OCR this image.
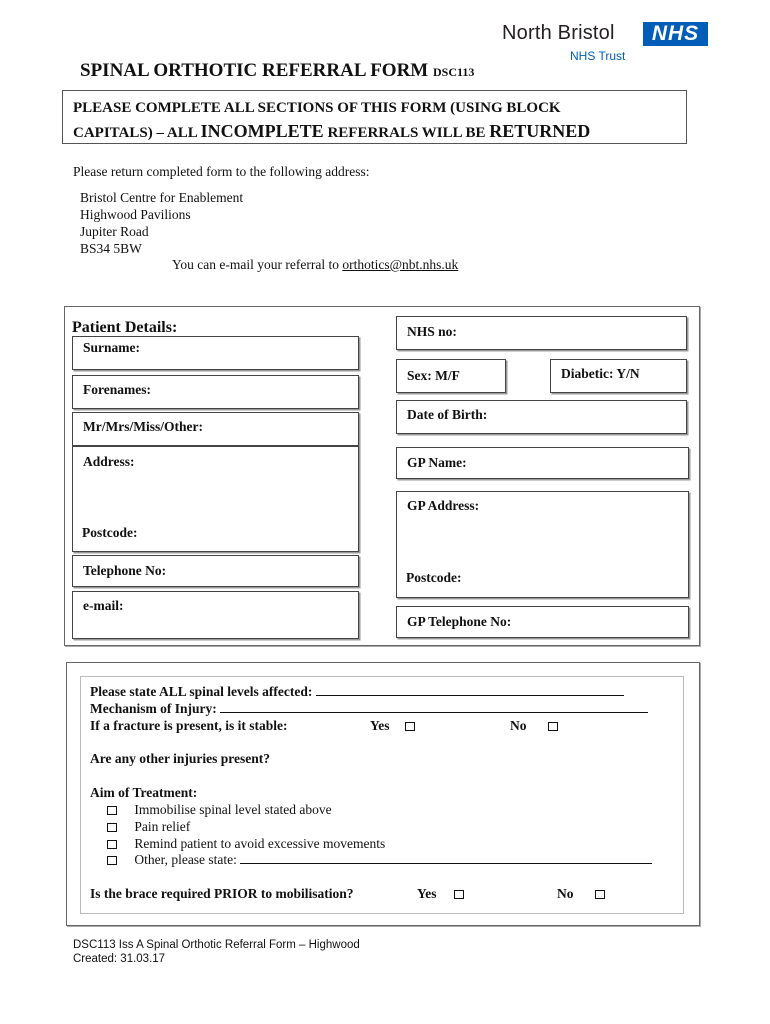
North Bristol	NHS
NHS Trust
SPINAL ORTHOTIC REFERRAL FORM DSC113
PLEASE COMPLETE ALL SECTIONS OF THIS FORM (USING BLOCK
CAPITALS) – ALL INCOMPLETE REFERRALS WILL BE RETURNED
Please return completed form to the following address:
Bristol Centre for Enablement
Highwood Pavilions
Jupiter Road
BS34 5BW
You can e-mail your referral to orthotics@nbt.nhs.uk
Patient Details:
Surname:
Forenames:
Mr/Mrs/Miss/Other:
Address:
Postcode:
Telephone No:
e-mail:
NHS no:
Sex: M/F	Diabetic: Y/N
Date of Birth:
GP Name:
GP Address:
Postcode:
GP Telephone No:
Please state ALL spinal levels affected:
Mechanism of Injury:
If a fracture is present, is it stable:	Yes	No
Are any other injuries present?
Aim of Treatment:
Immobilise spinal level stated above
Pain relief
Remind patient to avoid excessive movements
Other, please state:
Is the brace required PRIOR to mobilisation?	Yes	No
DSC113 Iss A Spinal Orthotic Referral Form – Highwood
Created: 31.03.17
